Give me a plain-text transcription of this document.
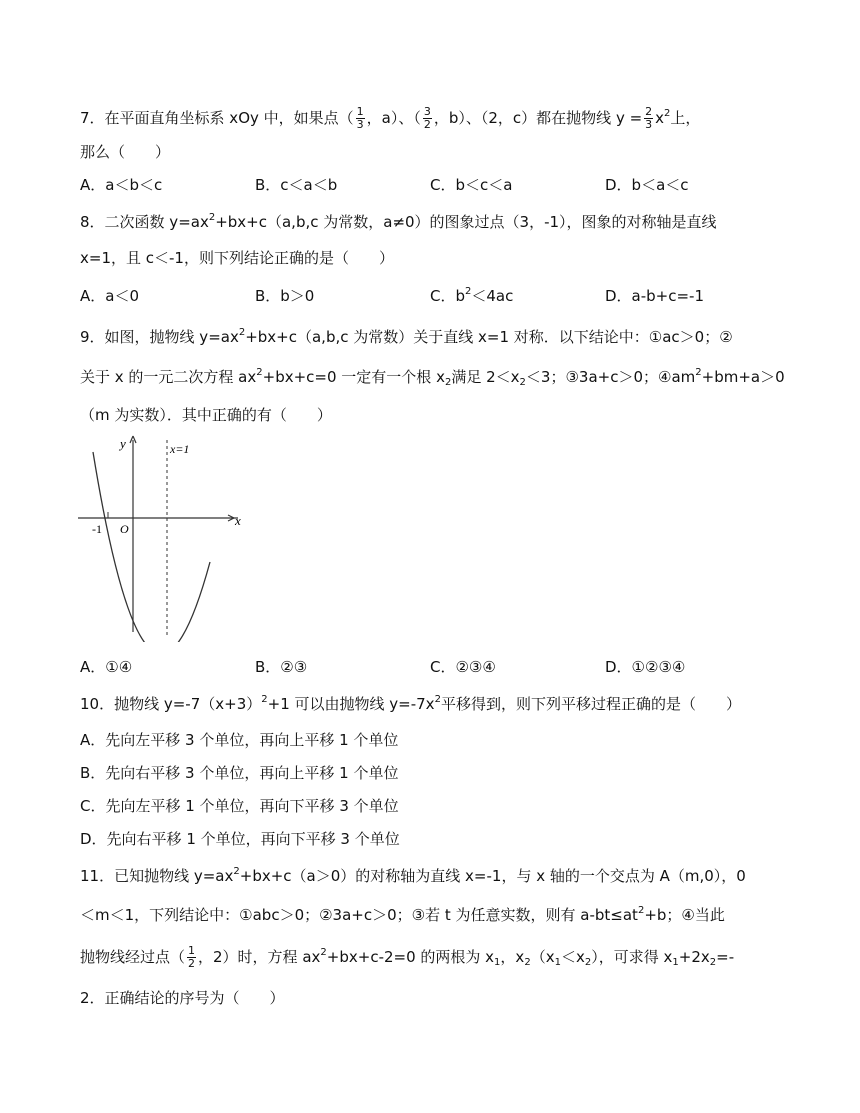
7．在平面直角坐标系 xOy 中，如果点（ $\frac{1}{3}$ ，a）、（ $\frac{3}{2}$ ，b）、（2，c）都在抛物线 $y = \frac{2}{3} x^2$上，
那么（　　）
A．a＜b＜c	B．c＜a＜b	C．b＜c＜a	D．b＜a＜c
8．二次函数 $y=ax^2+bx+c(a,b,c$ 为常数，a≠0）的图象过点（3，-1），图象的对称轴是直线
x=1，且 c＜-1，则下列结论正确的是（　　）
A．a＜0	B．b＞0	C．$b^2<4ac$	D．a-b+c=-1
9．如图，抛物线 $y=ax^2+bx+c(a,b,c$ 为常数）关于直线 x=1 对称．以下结论中：①ac＞0；②
关于 x 的一元二次方程 $ax^2+bx+c=0$ 一定有一个根 $x_2$满足 $2<x_2<3$；③3a+c＞0；$④am^2+bm+a>0$
（m 为实数）．其中正确的有（　　）
y
x
x=1
O
-1
A．①④	B．②③	C．②③④	D．①②③④
10．抛物线 $y=-7(x+3)^2+1$ 可以由抛物线 $y=-7x^2$平移得到，则下列平移过程正确的是（　　）
A．先向左平移 3 个单位，再向上平移 1 个单位
B．先向右平移 3 个单位，再向上平移 1 个单位
C．先向左平移 1 个单位，再向下平移 3 个单位
D．先向右平移 1 个单位，再向下平移 3 个单位
11．已知抛物线 $y=ax^2+bx+c(a>0)$的对称轴为直线 x=-1，与 x 轴的一个交点为 A（m,0），0
＜m＜1，下列结论中：①abc＞0；②3a+c＞0；③若 t 为任意实数，则有 $a-bt\le at^2+b$；④当此
抛物线经过点（ $\frac{1}{2}$ ，2）时，方程 $ax^2+bx+c-2=0$ 的两根为 $x_1$，$x_2(x_1<x_2)$，可求得 $x_1+2x_2=-$
2．正确结论的序号为（　　）
